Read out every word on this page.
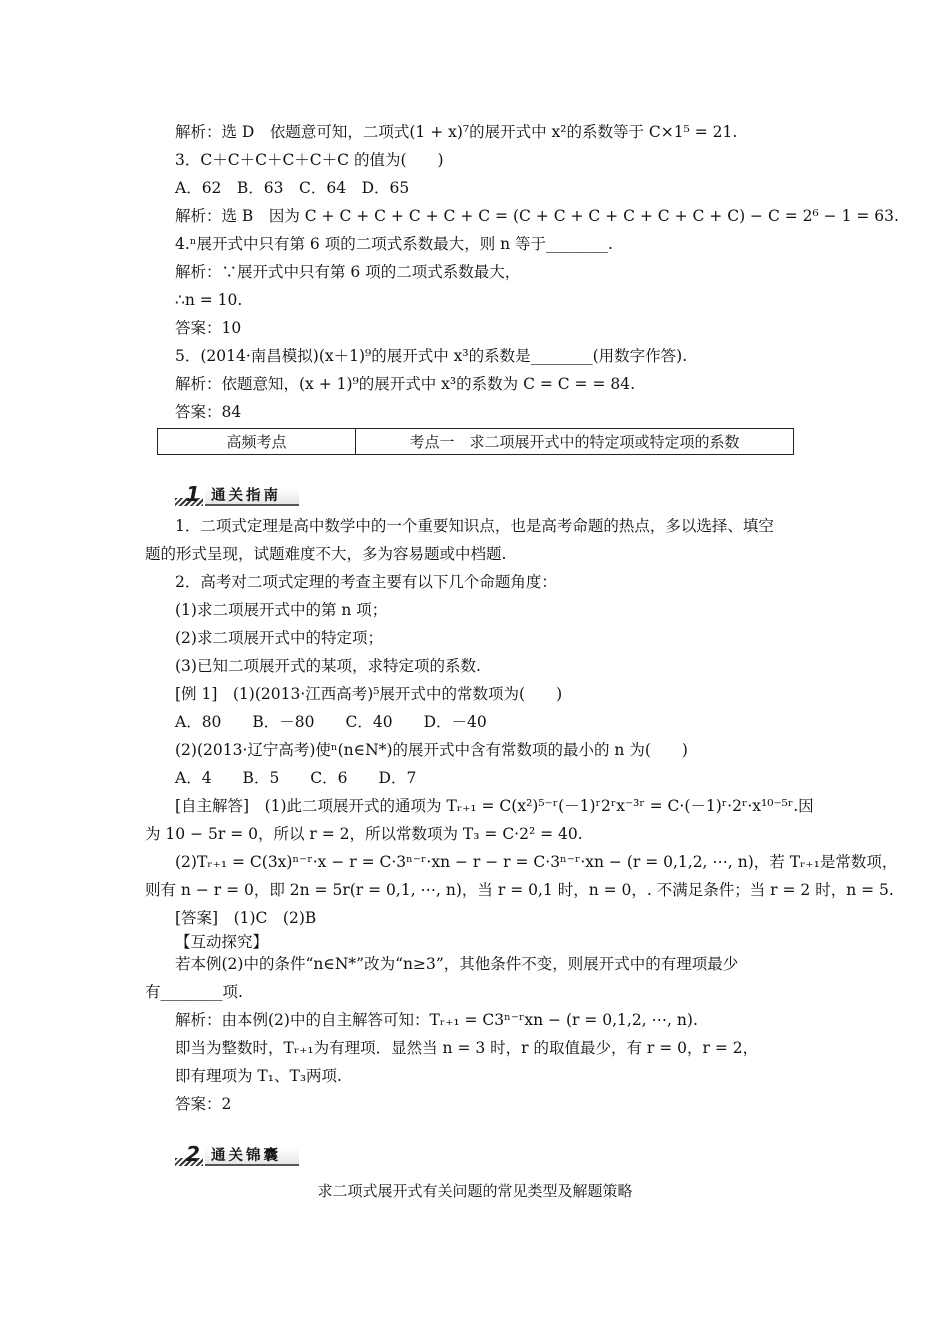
解析：选 D　依题意可知，二项式(1 + x)⁷的展开式中 x²的系数等于 C×1⁵ = 21.
3．C＋C＋C＋C＋C＋C 的值为(　　)
A．62　B．63　C．64　D．65
解析：选 B　因为 C + C + C + C + C + C = (C + C + C + C + C + C + C) − C = 2⁶ − 1 = 63.
4.ⁿ展开式中只有第 6 项的二项式系数最大，则 n 等于________.
解析：∵展开式中只有第 6 项的二项式系数最大，
∴n = 10.
答案：10
5．(2014·南昌模拟)(x＋1)⁹的展开式中 x³的系数是________(用数字作答).
解析：依题意知，(x + 1)⁹的展开式中 x³的系数为 C = C = = 84.
答案：84
高频考点	考点一　求二项展开式中的特定项或特定项的系数
1 通关指南
1．二项式定理是高中数学中的一个重要知识点，也是高考命题的热点，多以选择、填空
题的形式呈现，试题难度不大，多为容易题或中档题.
2．高考对二项式定理的考查主要有以下几个命题角度：
(1)求二项展开式中的第 n 项；
(2)求二项展开式中的特定项；
(3)已知二项展开式的某项，求特定项的系数.
[例 1]　(1)(2013·江西高考)⁵展开式中的常数项为(　　)
A．80　　B．－80　　C．40　　D．－40
(2)(2013·辽宁高考)使ⁿ(n∈N*)的展开式中含有常数项的最小的 n 为(　　)
A．4　　B．5　　C．6　　D．7
[自主解答]　(1)此二项展开式的通项为 Tᵣ₊₁ = C(x²)⁵⁻ʳ(－1)ʳ2ʳx⁻³ʳ = C·(－1)ʳ·2ʳ·x¹⁰⁻⁵ʳ.因
为 10 − 5r = 0，所以 r = 2，所以常数项为 T₃ = C·2² = 40.
(2)Tᵣ₊₁ = C(3x)ⁿ⁻ʳ·x − r = C·3ⁿ⁻ʳ·xn − r − r = C·3ⁿ⁻ʳ·xn − (r = 0,1,2, ⋯, n)，若 Tᵣ₊₁是常数项，
则有 n − r = 0，即 2n = 5r(r = 0,1, ⋯, n)，当 r = 0,1 时，n = 0，. 不满足条件；当 r = 2 时，n = 5.
[答案]　(1)C　(2)B
【互动探究】
若本例(2)中的条件“n∈N*”改为“n≥3”，其他条件不变，则展开式中的有理项最少
有________项.
解析：由本例(2)中的自主解答可知：Tᵣ₊₁ = C3ⁿ⁻ʳxn − (r = 0,1,2, ⋯, n).
即当为整数时，Tᵣ₊₁为有理项．显然当 n = 3 时，r 的取值最少，有 r = 0，r = 2，
即有理项为 T₁、T₃两项.
答案：2
2 通关锦囊
求二项式展开式有关问题的常见类型及解题策略
